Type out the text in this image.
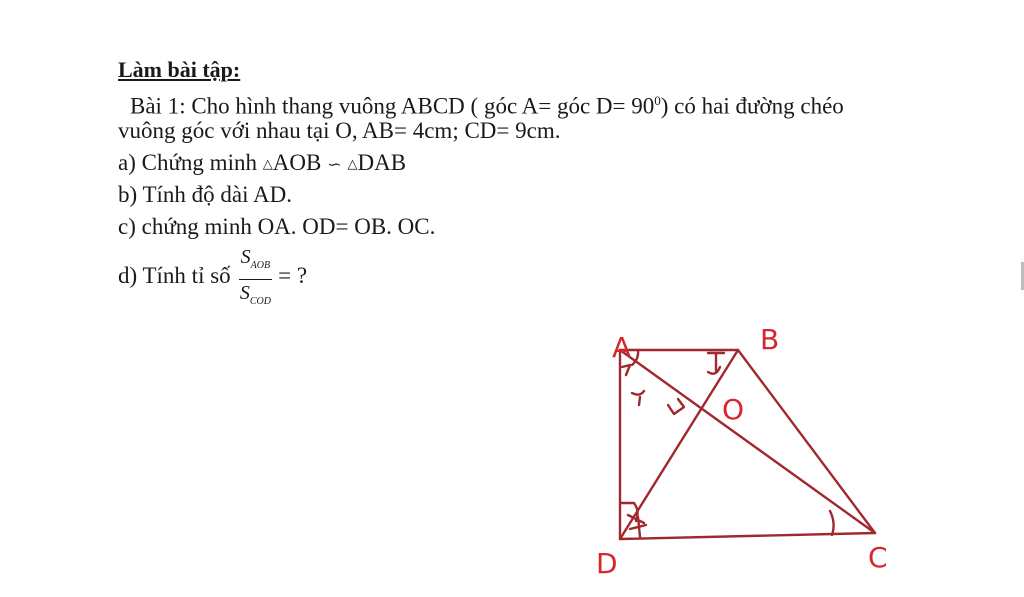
Làm bài tập:

Bài 1: Cho hình thang vuông ABCD ( góc A= góc $D= 90^0$) có hai đường chéo

vuông góc với nhau tại O, AB= 4cm; CD= 9cm.

a) Chứng minh △AOB ∽ △DAB

b) Tính độ dài AD.

c) chứng minh OA. OD= OB. OC.

d) Tính tỉ số $\frac{S_{AOB}}{S_{COD}}$ = ?

A	B
O
D	C
